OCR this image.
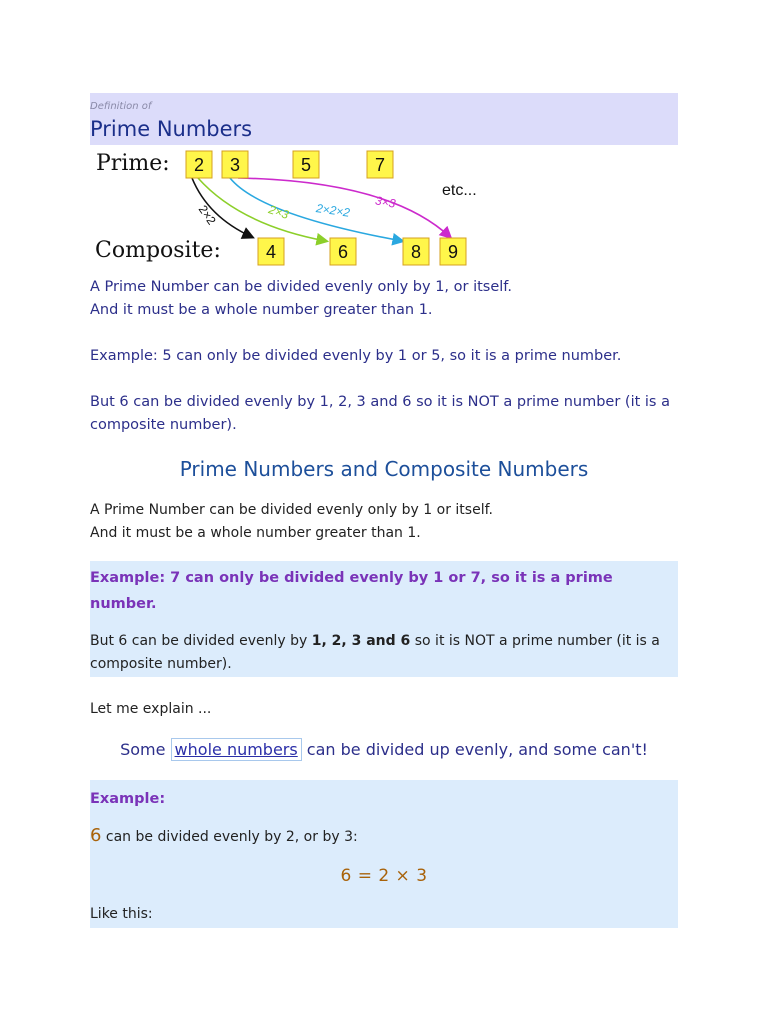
Definition of
Prime Numbers
Prime:
Composite:
etc...
2×2	2×3 2×2×2 3×3
2 3	5	7
4	6	8 9

A Prime Number can be divided evenly only by 1, or itself.

And it must be a whole number greater than 1.

Example: 5 can only be divided evenly by 1 or 5, so it is a prime number.

But 6 can be divided evenly by 1, 2, 3 and 6 so it is NOT a prime number (it is a composite number).

Prime Numbers and Composite Numbers

A Prime Number can be divided evenly only by 1 or itself.

And it must be a whole number greater than 1.

Example: 7 can only be divided evenly by 1 or 7, so it is a prime number.

But 6 can be divided evenly by 1, 2, 3 and 6 so it is NOT a prime number (it is a composite number).

Let me explain ...

Some whole numbers can be divided up evenly, and some can't!

Example:

6 can be divided evenly by 2, or by 3:

6 = 2 × 3

Like this:
